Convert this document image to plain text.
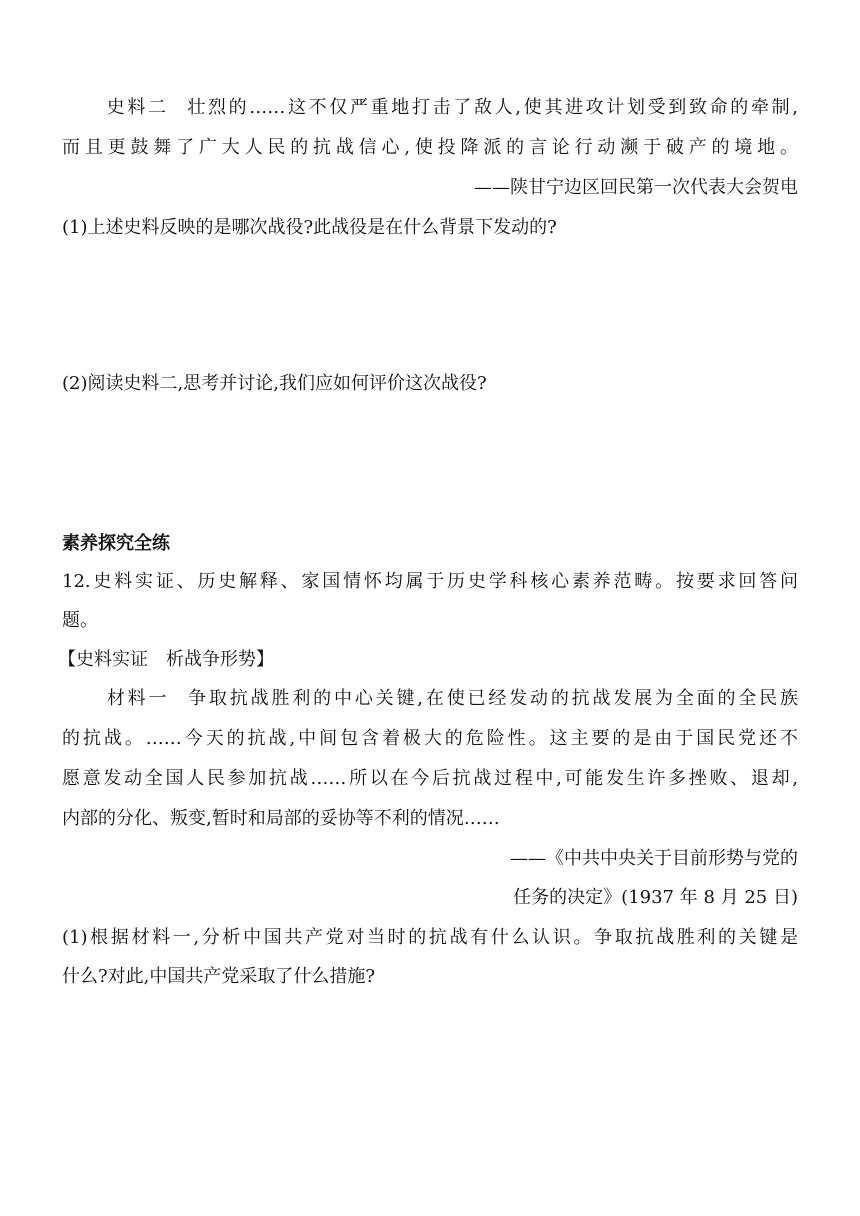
史料二 壮烈的……这不仅严重地打击了敌人,使其进攻计划受到致命的牵制,
而且更鼓舞了广大人民的抗战信心,使投降派的言论行动濒于破产的境地。
——陕甘宁边区回民第一次代表大会贺电
(1)上述史料反映的是哪次战役?此战役是在什么背景下发动的?
(2)阅读史料二,思考并讨论,我们应如何评价这次战役?
素养探究全练
12.史料实证、历史解释、家国情怀均属于历史学科核心素养范畴。按要求回答问
题。
【史料实证　析战争形势】
材料一 争取抗战胜利的中心关键,在使已经发动的抗战发展为全面的全民族
的抗战。……今天的抗战,中间包含着极大的危险性。这主要的是由于国民党还不
愿意发动全国人民参加抗战……所以在今后抗战过程中,可能发生许多挫败、退却,
内部的分化、叛变,暂时和局部的妥协等不利的情况……
——《中共中央关于目前形势与党的
任务的决定》(1937 年 8 月 25 日)
(1)根据材料一,分析中国共产党对当时的抗战有什么认识。争取抗战胜利的关键是
什么?对此,中国共产党采取了什么措施?
